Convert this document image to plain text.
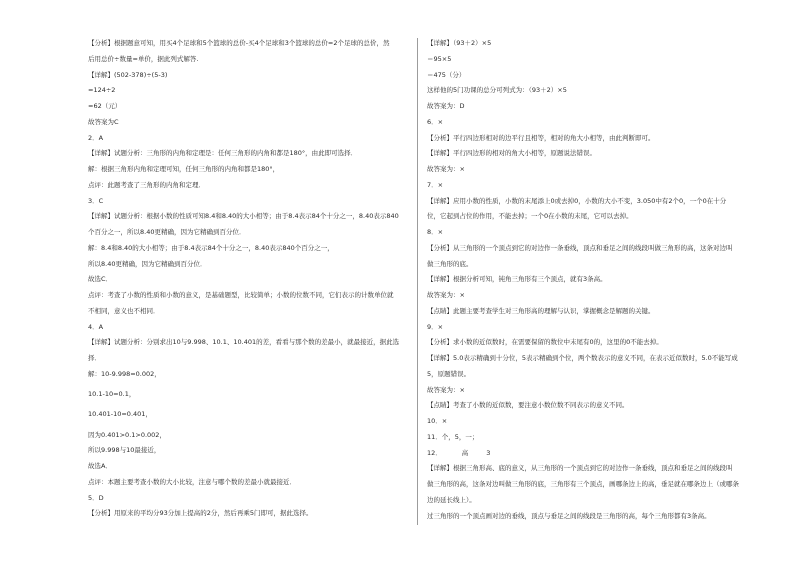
【分析】根据题意可知，用买4个足球和5个篮球的总价-买4个足球和3个篮球的总价=2个足球的总价，然
后用总价÷数量=单价，据此列式解答.
【详解】(502-378)÷(5-3)
=124÷2
=62（元）
故答案为C
2．A
【详解】试题分析：三角形的内角和定理是：任何三角形的内角和都是180°，由此即可选择．
解：根据三角形内角和定理可知，任何三角形的内角和都是180°，
点评：此题考查了三角形的内角和定理．
3．C
【详解】试题分析：根据小数的性质可知8.4和8.40的大小相等；由于8.4表示84个十分之一，8.40表示840
个百分之一，所以8.40更精确，因为它精确到百分位．
解：8.4和8.40的大小相等；由于8.4表示84个十分之一，8.40表示840个百分之一，
所以8.40更精确，因为它精确到百分位．
故选C．
点评：考查了小数的性质和小数的意义，是基础题型，比较简单；小数的位数不同，它们表示的计数单位就
不相同，意义也不相同．
4．A
【详解】试题分析：分别求出10与9.998、10.1、10.401的差，看看与那个数的差最小，就最接近，据此选
择．
解：10-9.998=0.002，
10.1-10=0.1，
10.401-10=0.401，
因为0.401>0.1>0.002，
所以9.998与10最接近，
故选A．
点评：本题主要考查小数的大小比较，注意与哪个数的差最小就最接近．
5．D
【分析】用原来的平均分93分加上提高的2分，然后再乘5门即可，据此选择。
【详解】（93＋2）×5
＝95×5
＝475（分）
这样他的5门功课的总分可列式为：（93＋2）×5
故答案为：D
6．×
【分析】平行四边形相对的边平行且相等，相对的角大小相等，由此判断即可。
【详解】平行四边形的相对的角大小相等，原题说法错误。
故答案为：×
7．×
【详解】应用小数的性质，小数的末尾添上0或去掉0，小数的大小不变，3.050中有2个0，一个0在十分
位，它起到占位的作用，不能去掉；一个0在小数的末尾，它可以去掉。
8．×
【分析】从三角形的一个顶点到它的对边作一条垂线，顶点和垂足之间的线段叫做三角形的高，这条对边叫
做三角形的底。
【详解】根据分析可知，钝角三角形有三个顶点，就有3条高。
故答案为：×
【点睛】此题主要考查学生对三角形高的理解与认识，掌握概念是解题的关键。
9．×
【分析】求小数的近似数时，在需要保留的数位中末尾有0的，这里的0不能去掉。
【详解】5.0表示精确到十分位，5表示精确到个位，两个数表示的意义不同，在表示近似数时，5.0不能写成
5，原题错误。
故答案为：×
【点睛】考查了小数的近似数，要注意小数位数不同表示的意义不同。
10．×
11．个，5，一；
12．	高	3
【详解】根据三角形高、底的意义，从三角形的一个顶点到它的对边作一条垂线，顶点和垂足之间的线段叫
做三角形的高，这条对边叫做三角形的底，三角形有三个顶点，画哪条边上的高，垂足就在哪条边上（或哪条
边的延长线上）。
过三角形的一个顶点画对边的垂线，顶点与垂足之间的线段是三角形的高，每个三角形都有3条高。
